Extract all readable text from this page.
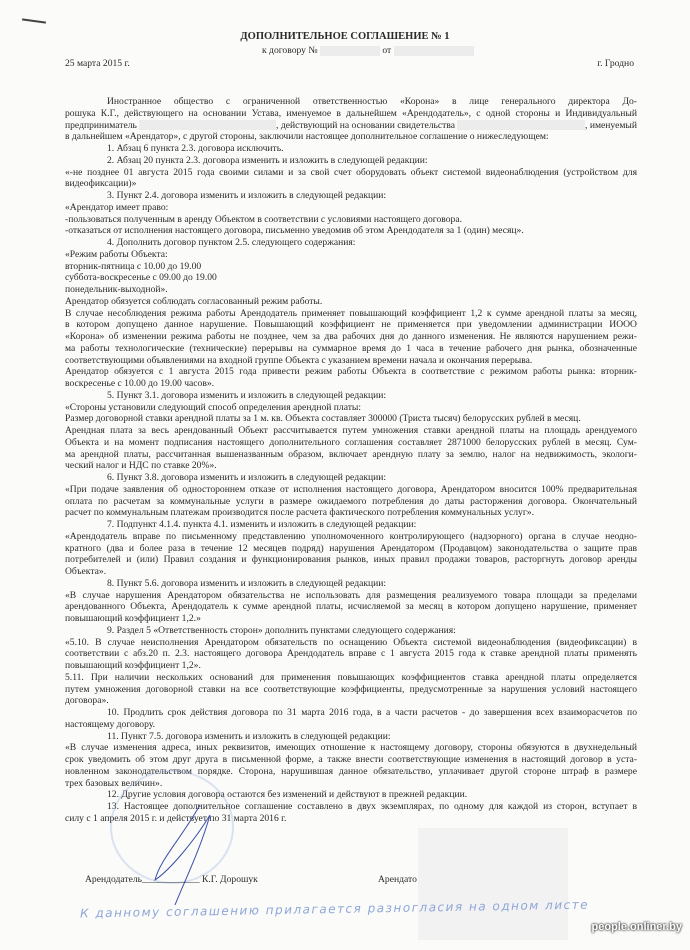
ДОПОЛНИТЕЛЬНОЕ СОГЛАШЕНИЕ № 1
к договору №	от
25 марта 2015 г.	г. Гродно
Иностранное общество с ограниченной ответственностью «Корона» в лице генерального директора До-
рошука К.Г., действующего на основании Устава, именуемое в дальнейшем «Арендодатель», с одной стороны и Индивидуальный
предприниматель	, действующий на основании свидетельства	, именуемый
в дальнейшем «Арендатор», с другой стороны, заключили настоящее дополнительное соглашение о нижеследующем:
1. Абзац 6 пункта 2.3. договора исключить.
2. Абзац 20 пункта 2.3. договора изменить и изложить в следующей редакции:
«-не позднее 01 августа 2015 года своими силами и за свой счет оборудовать объект системой видеонаблюдения (устройством для
видеофиксации)»
3. Пункт 2.4. договора изменить и изложить в следующей редакции:
«Арендатор имеет право:
-пользоваться полученным в аренду Объектом в соответствии с условиями настоящего договора.
-отказаться от исполнения настоящего договора, письменно уведомив об этом Арендодателя за 1 (один) месяц».
4. Дополнить договор пунктом 2.5. следующего содержания:
«Режим работы Объекта:
вторник-пятница с 10.00 до 19.00
суббота-воскресенье с 09.00 до 19.00
понедельник-выходной».
Арендатор обязуется соблюдать согласованный режим работы.
В случае несоблюдения режима работы Арендодатель применяет повышающий коэффициент 1,2 к сумме арендной платы за месяц,
в котором допущено данное нарушение. Повышающий коэффициент не применяется при уведомлении администрации ИООО
«Корона» об изменении режима работы не позднее, чем за два рабочих дня до данного изменения. Не являются нарушением режи-
ма работы технологические (технические) перерывы на суммарное время до 1 часа в течение рабочего дня рынка, обозначенные
соответствующими объявлениями на входной группе Объекта с указанием времени начала и окончания перерыва.
Арендатор обязуется с 1 августа 2015 года привести режим работы Объекта в соответствие с режимом работы рынка: вторник-
воскресенье с 10.00 до 19.00 часов».
5. Пункт 3.1. договора изменить и изложить в следующей редакции:
«Стороны установили следующий способ определения арендной платы:
Размер договорной ставки арендной платы за 1 м. кв. Объекта составляет 300000 (Триста тысяч) белорусских рублей в месяц.
Арендная плата за весь арендованный Объект рассчитывается путем умножения ставки арендной платы на площадь арендуемого
Объекта и на момент подписания настоящего дополнительного соглашения составляет 2871000 белорусских рублей в месяц. Сум-
ма арендной платы, рассчитанная вышеназванным образом, включает арендную плату за землю, налог на недвижимость, экологи-
ческий налог и НДС по ставке 20%».
6. Пункт 3.8. договора изменить и изложить в следующей редакции:
«При подаче заявления об одностороннем отказе от исполнения настоящего договора, Арендатором вносится 100% предварительная
оплата по расчетам за коммунальные услуги в размере ожидаемого потребления до даты расторжения договора. Окончательный
расчет по коммунальным платежам производится после расчета фактического потребления коммунальных услуг».
7. Подпункт 4.1.4. пункта 4.1. изменить и изложить в следующей редакции:
«Арендодатель вправе по письменному представлению уполномоченного контролирующего (надзорного) органа в случае неодно-
кратного (два и более раза в течение 12 месяцев подряд) нарушения Арендатором (Продавцом) законодательства о защите прав
потребителей и (или) Правил создания и функционирования рынков, иных правил продажи товаров, расторгнуть договор аренды
Объекта».
8. Пункт 5.6. договора изменить и изложить в следующей редакции:
«В случае нарушения Арендатором обязательства не использовать для размещения реализуемого товара площади за пределами
арендованного Объекта, Арендодатель к сумме арендной платы, исчисляемой за месяц в котором допущено нарушение, применяет
повышающий коэффициент 1,2.»
9. Раздел 5 «Ответственность сторон» дополнить пунктами следующего содержания:
«5.10. В случае неисполнения Арендатором обязательств по оснащению Объекта системой видеонаблюдения (видеофиксации) в
соответствии с абз.20 п. 2.3. настоящего договора Арендодатель вправе с 1 августа 2015 года к ставке арендной платы применять
повышающий коэффициент 1,2».
5.11. При наличии нескольких оснований для применения повышающих коэффициентов ставка арендной платы определяется
путем умножения договорной ставки на все соответствующие коэффициенты, предусмотренные за нарушения условий настоящего
договора».
10. Продлить срок действия договора по 31 марта 2016 года, в а части расчетов - до завершения всех взаиморасчетов по
настоящему договору.
11. Пункт 7.5. договора изменить и изложить в следующей редакции:
«В случае изменения адреса, иных реквизитов, имеющих отношение к настоящему договору, стороны обязуются в двухнедельный
срок уведомить об этом друг друга в письменной форме, а также внести соответствующие изменения в настоящий договор в уста-
новленном законодательством порядке. Сторона, нарушившая данное обязательство, уплачивает другой стороне штраф в размере
трех базовых величин».
12. Другие условия договора остаются без изменений и действуют в прежней редакции.
13. Настоящее дополнительное соглашение составлено в двух экземплярах, по одному для каждой из сторон, вступает в
силу с 1 апреля 2015 г. и действует по 31 марта 2016 г.
Арендодатель____________ К.Г. Дорошук	Арендато
К данному соглашению прилагается разногласия на одном листе
people.onliner.by
